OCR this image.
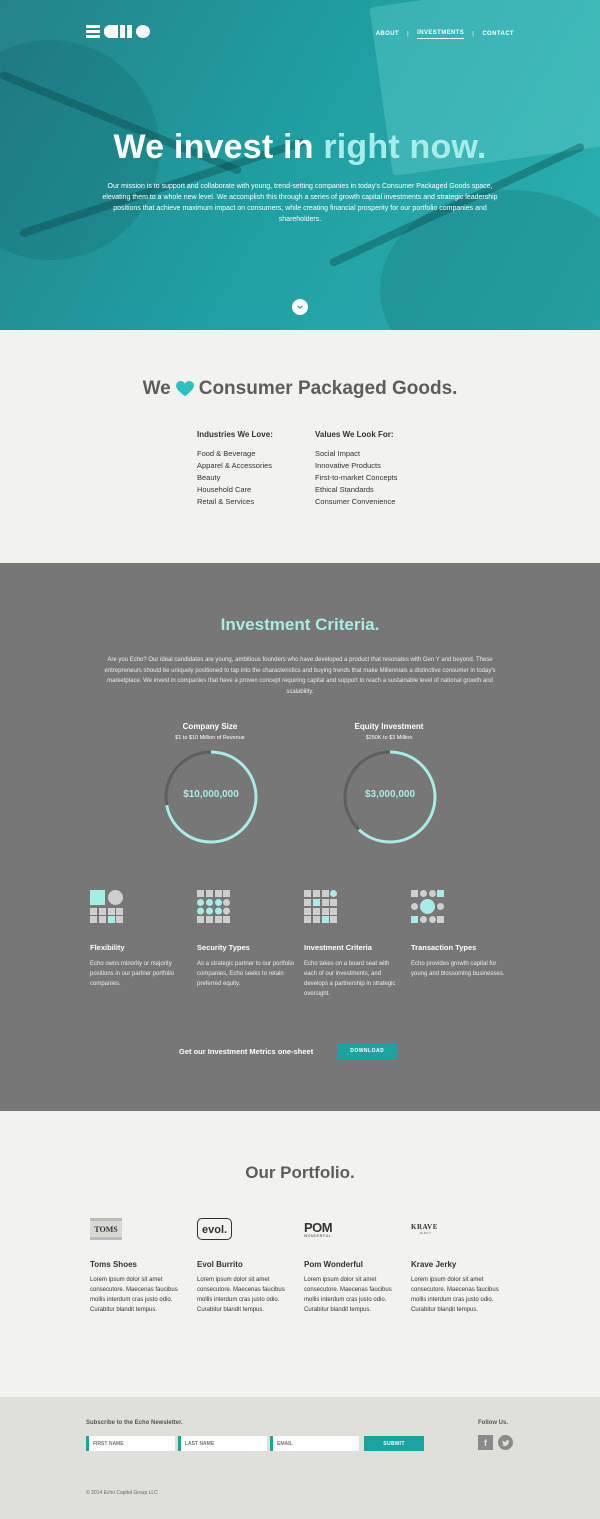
ABOUT | INVESTMENTS | CONTACT
We invest in right now.

Our mission is to support and collaborate with young, trend-setting companies in today's Consumer Packaged Goods space, elevating them to a whole new level. We accomplish this through a series of growth capital investments and strategic leadership positions that achieve maximum impact on consumers, while creating financial prosperity for our portfolio companies and shareholders.

We Consumer Packaged Goods.
Industries We Love:
Food & Beverage
Apparel & Accessories
Beauty
Household Care
Retail & Services
Values We Look For:
Social Impact
Innovative Products
First-to-market Concepts
Ethical Standards
Consumer Convenience
Investment Criteria.

Are you Echo? Our ideal candidates are young, ambitious founders who have developed a product that resonates with Gen Y and beyond. These entrepreneurs should be uniquely positioned to tap into the characteristics and buying trends that make Millennials a distinctive consumer in today's marketplace. We invest in companies that have a proven concept requiring capital and support to reach a sustainable level of national growth and scalability.

Company Size
$1 to $10 Million of Revenue
$10,000,000
Equity Investment
$250K to $3 Million
$3,000,000
Flexibility

Echo owns minority or majority positions in our partner portfolio companies.

Security Types

As a strategic partner to our portfolio companies, Echo seeks to retain preferred equity.

Investment Criteria

Echo takes on a board seat with each of our investments, and develops a partnership in strategic oversight.

Transaction Types

Echo provides growth capital for young and blossoming businesses.

Get our Investment Metrics one-sheet	DOWNLOAD
Our Portfolio.
TOMS
Toms Shoes

Lorem ipsum dolor sit amet consecutore. Maecenas faucibus mollis interdum cras justo odio. Curabitur blandit tempus.

evol.
Evol Burrito

Lorem ipsum dolor sit amet consecutore. Maecenas faucibus mollis interdum cras justo odio. Curabitur blandit tempus.

POM
WONDERFUL.
Pom Wonderful

Lorem ipsum dolor sit amet consecutore. Maecenas faucibus mollis interdum cras justo odio. Curabitur blandit tempus.

KRAVE
JERKY
Krave Jerky

Lorem ipsum dolor sit amet consecutore. Maecenas faucibus mollis interdum cras justo odio. Curabitur blandit tempus.

Subscribe to the Echo Newsletter.
FIRST NAME
LAST NAME
EMAIL
SUBMIT
Follow Us.
f
© 2014 Echo Capital Group LLC
